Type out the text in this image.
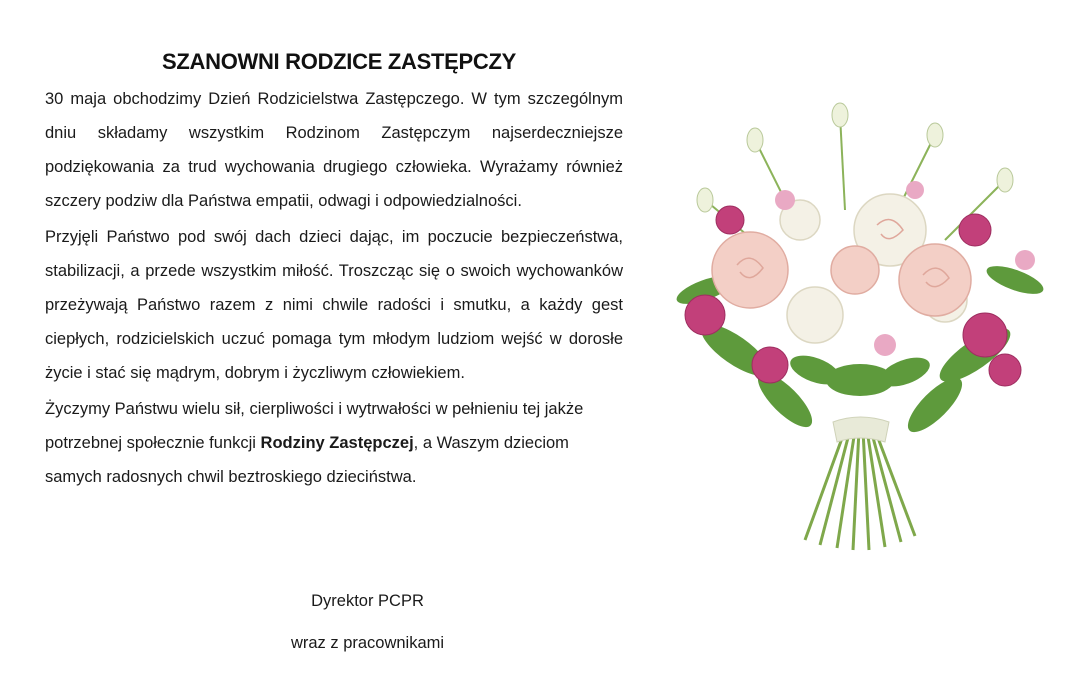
SZANOWNI RODZICE ZASTĘPCZY

30 maja obchodzimy Dzień Rodzicielstwa Zastępczego. W tym szczególnym dniu składamy wszystkim Rodzinom Zastępczym najserdeczniejsze podziękowania za trud wychowania drugiego człowieka. Wyrażamy również szczery podziw dla Państwa empatii, odwagi i odpowiedzialności.

Przyjęli Państwo pod swój dach dzieci dając, im poczucie bezpieczeństwa, stabilizacji, a przede wszystkim miłość. Troszcząc się o swoich wychowanków przeżywają Państwo razem z nimi chwile radości i smutku, a każdy gest ciepłych, rodzicielskich uczuć pomaga tym młodym ludziom wejść w dorosłe życie i stać się mądrym, dobrym i życzliwym człowiekiem.

Życzymy Państwu wielu sił, cierpliwości i wytrwałości w pełnieniu tej jakże potrzebnej społecznie funkcji Rodziny Zastępczej, a Waszym dzieciom samych radosnych chwil beztroskiego dzieciństwa.

Dyrektor PCPR
wraz z pracownikami
